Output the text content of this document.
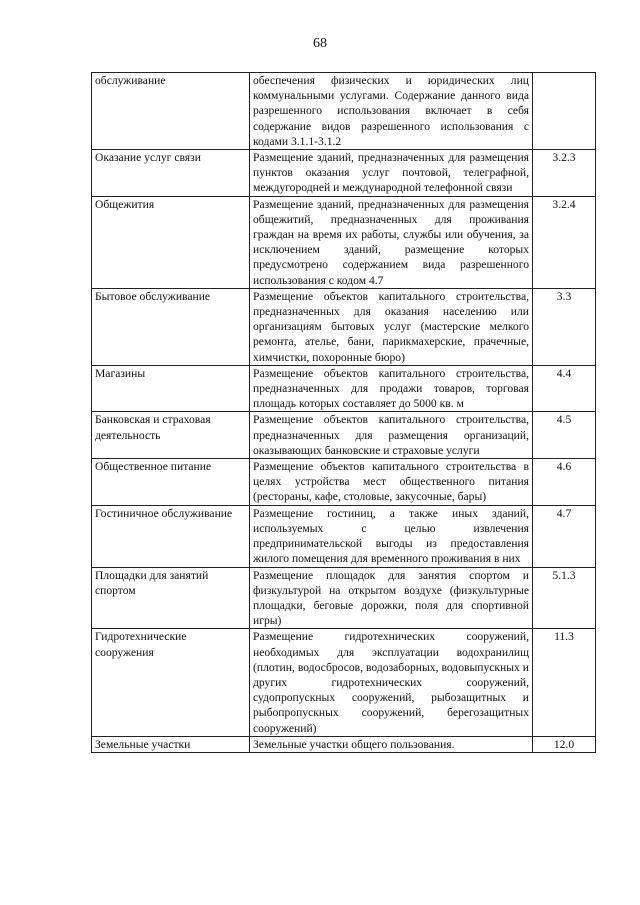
68
обслуживание	обеспечения физических и юридических лиц коммунальными услугами. Содержание данного вида разрешенного использования включает в себя содержание видов разрешенного использования с кодами 3.1.1-3.1.2	
Оказание услуг связи	Размещение зданий, предназначенных для размещения пунктов оказания услуг почтовой, телеграфной, междугородней и международной телефонной связи	3.2.3
Общежития	Размещение зданий, предназначенных для размещения общежитий, предназначенных для проживания граждан на время их работы, службы или обучения, за исключением зданий, размещение которых предусмотрено содержанием вида разрешенного использования с кодом 4.7	3.2.4
Бытовое обслуживание	Размещение объектов капитального строительства, предназначенных для оказания населению или организациям бытовых услуг (мастерские мелкого ремонта, ателье, бани, парикмахерские, прачечные, химчистки, похоронные бюро)	3.3
Магазины	Размещение объектов капитального строительства, предназначенных для продажи товаров, торговая площадь которых составляет до 5000 кв. м	4.4
Банковская и страховая деятельность	Размещение объектов капитального строительства, предназначенных для размещения организаций, оказывающих банковские и страховые услуги	4.5
Общественное питание	Размещение объектов капитального строительства в целях устройства мест общественного питания (рестораны, кафе, столовые, закусочные, бары)	4.6
Гостиничное обслуживание	Размещение гостиниц, а также иных зданий, используемых с целью извлечения предпринимательской выгоды из предоставления жилого помещения для временного проживания в них	4.7
Площадки для занятий спортом	Размещение площадок для занятия спортом и физкультурой на открытом воздухе (физкультурные площадки, беговые дорожки, поля для спортивной игры)	5.1.3
Гидротехнические сооружения	Размещение гидротехнических сооружений, необходимых для эксплуатации водохранилищ (плотин, водосбросов, водозаборных, водовыпускных и других гидротехнических сооружений, судопропускных сооружений, рыбозащитных и рыбопропускных сооружений, берегозащитных сооружений)	11.3
Земельные участки	Земельные участки общего пользования.	12.0
